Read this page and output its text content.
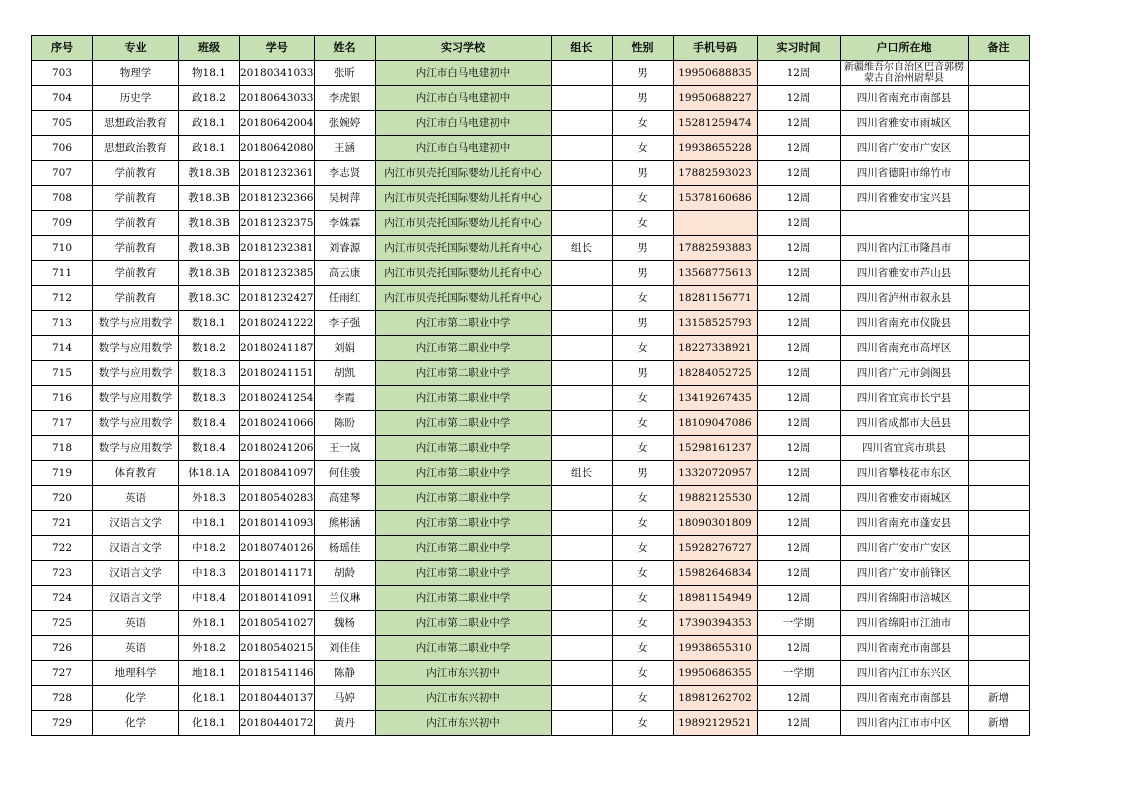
序号	专业	班级	学号	姓名	实习学校	组长	性别	手机号码	实习时间	户口所在地	备注
703	物理学	物18.1	20180341033	张昕	内江市白马电建初中		男	19950688835	12周	新疆维吾尔自治区巴音郭楞蒙古自治州尉犁县	
704	历史学	政18.2	20180643033	李虎银	内江市白马电建初中		男	19950688227	12周	四川省南充市南部县	
705	思想政治教育	政18.1	20180642004	张婉婷	内江市白马电建初中		女	15281259474	12周	四川省雅安市雨城区	
706	思想政治教育	政18.1	20180642080	王涵	内江市白马电建初中		女	19938655228	12周	四川省广安市广安区	
707	学前教育	教18.3B	20181232361	李志贤	内江市贝壳托国际婴幼儿托育中心		男	17882593023	12周	四川省德阳市绵竹市	
708	学前教育	教18.3B	20181232366	吴树萍	内江市贝壳托国际婴幼儿托育中心		女	15378160686	12周	四川省雅安市宝兴县	
709	学前教育	教18.3B	20181232375	李姝霖	内江市贝壳托国际婴幼儿托育中心		女		12周		
710	学前教育	教18.3B	20181232381	刘睿源	内江市贝壳托国际婴幼儿托育中心	组长	男	17882593883	12周	四川省内江市隆昌市	
711	学前教育	教18.3B	20181232385	高云康	内江市贝壳托国际婴幼儿托育中心		男	13568775613	12周	四川省雅安市芦山县	
712	学前教育	教18.3C	20181232427	任雨红	内江市贝壳托国际婴幼儿托育中心		女	18281156771	12周	四川省泸州市叙永县	
713	数学与应用数学	数18.1	20180241222	李子强	内江市第二职业中学		男	13158525793	12周	四川省南充市仪陇县	
714	数学与应用数学	数18.2	20180241187	刘娟	内江市第二职业中学		女	18227338921	12周	四川省南充市高坪区	
715	数学与应用数学	数18.3	20180241151	胡凯	内江市第二职业中学		男	18284052725	12周	四川省广元市剑阁县	
716	数学与应用数学	数18.3	20180241254	李霞	内江市第二职业中学		女	13419267435	12周	四川省宜宾市长宁县	
717	数学与应用数学	数18.4	20180241066	陈盼	内江市第二职业中学		女	18109047086	12周	四川省成都市大邑县	
718	数学与应用数学	数18.4	20180241206	王一岚	内江市第二职业中学		女	15298161237	12周	四川省宜宾市珙县	
719	体育教育	体18.1A	20180841097	何佳骏	内江市第二职业中学	组长	男	13320720957	12周	四川省攀枝花市东区	
720	英语	外18.3	20180540283	高建琴	内江市第二职业中学		女	19882125530	12周	四川省雅安市雨城区	
721	汉语言文学	中18.1	20180141093	熊彬涵	内江市第二职业中学		女	18090301809	12周	四川省南充市蓬安县	
722	汉语言文学	中18.2	20180740126	杨瑶佳	内江市第二职业中学		女	15928276727	12周	四川省广安市广安区	
723	汉语言文学	中18.3	20180141171	胡龄	内江市第二职业中学		女	15982646834	12周	四川省广安市前锋区	
724	汉语言文学	中18.4	20180141091	兰仪琳	内江市第二职业中学		女	18981154949	12周	四川省绵阳市涪城区	
725	英语	外18.1	20180541027	魏杨	内江市第二职业中学		女	17390394353	一学期	四川省绵阳市江油市	
726	英语	外18.2	20180540215	刘佳佳	内江市第二职业中学		女	19938655310	12周	四川省南充市南部县	
727	地理科学	地18.1	20181541146	陈静	内江市东兴初中		女	19950686355	一学期	四川省内江市东兴区	
728	化学	化18.1	20180440137	马婷	内江市东兴初中		女	18981262702	12周	四川省南充市南部县	新增
729	化学	化18.1	20180440172	黄丹	内江市东兴初中		女	19892129521	12周	四川省内江市市中区	新增
